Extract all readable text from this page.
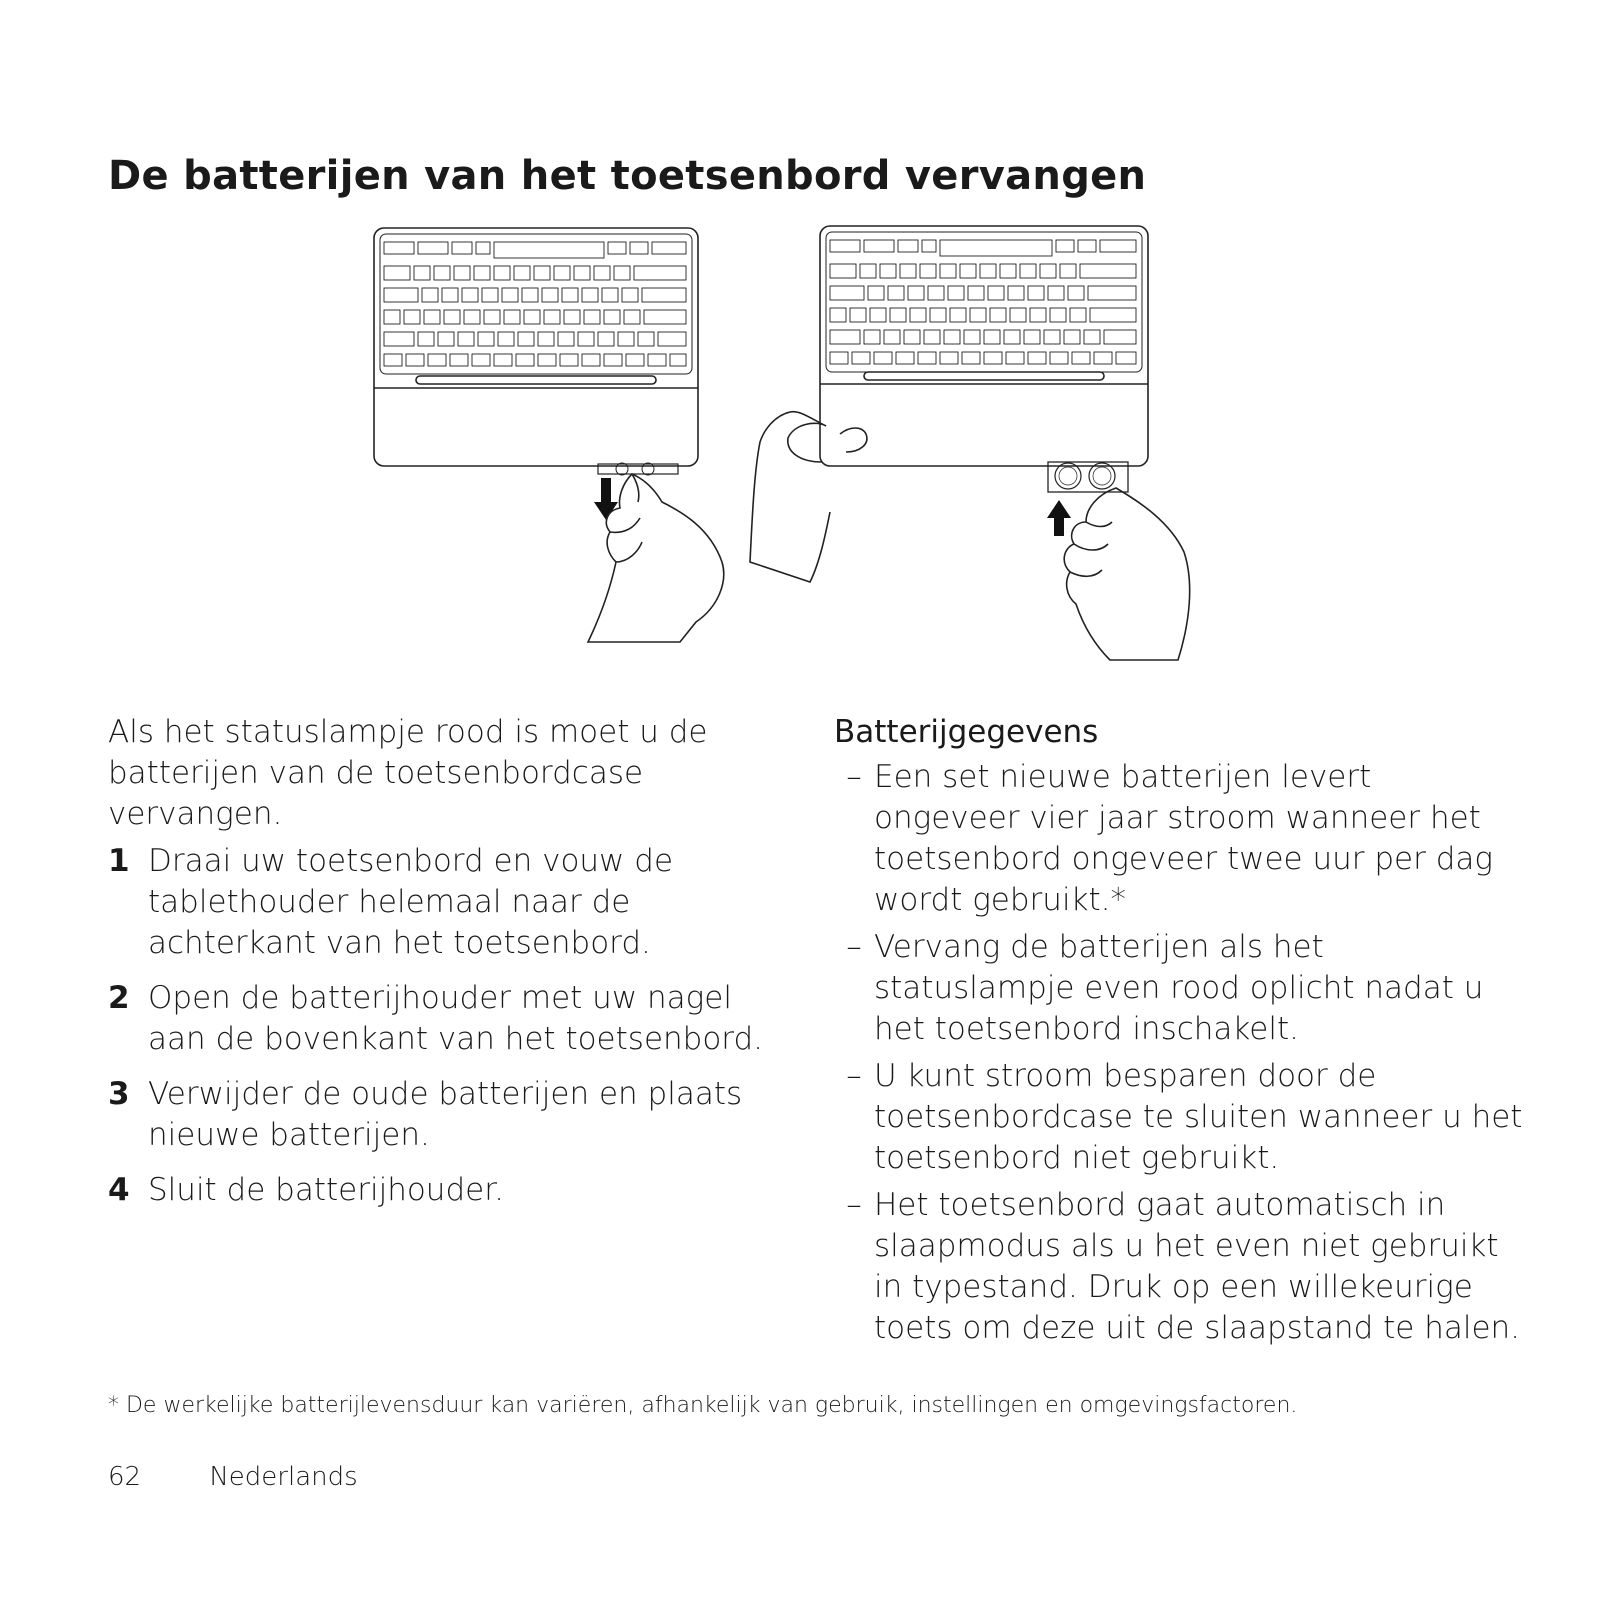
De batterijen van het toetsenbord vervangen

Als het statuslampje rood is moet u de batterijen van de toetsenbordcase vervangen.

1 Draai uw toetsenbord en vouw de tablethouder helemaal naar de achterkant van het toetsenbord.
2 Open de batterijhouder met uw nagel aan de bovenkant van het toetsenbord.
3 Verwijder de oude batterijen en plaats nieuwe batterijen.
4 Sluit de batterijhouder.
Batterijgegevens
– Een set nieuwe batterijen levert ongeveer vier jaar stroom wanneer het toetsenbord ongeveer twee uur per dag wordt gebruikt.*
– Vervang de batterijen als het statuslampje even rood oplicht nadat u het toetsenbord inschakelt.
– U kunt stroom besparen door de toetsenbordcase te sluiten wanneer u het toetsenbord niet gebruikt.
– Het toetsenbord gaat automatisch in slaapmodus als u het even niet gebruikt in typestand. Druk op een willekeurige toets om deze uit de slaapstand te halen.
* De werkelijke batterijlevensduur kan variëren, afhankelijk van gebruik, instellingen en omgevingsfactoren.
62	Nederlands
